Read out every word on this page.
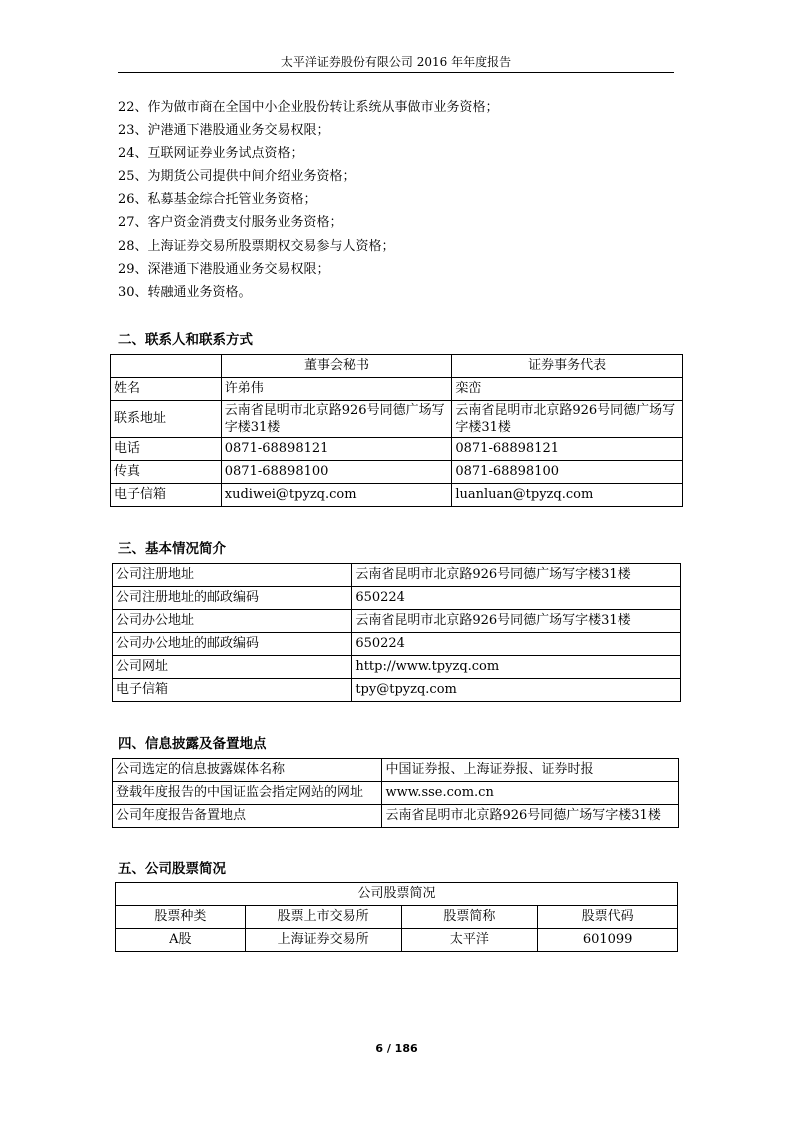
太平洋证券股份有限公司 2016 年年度报告
22、作为做市商在全国中小企业股份转让系统从事做市业务资格；
23、沪港通下港股通业务交易权限；
24、互联网证券业务试点资格；
25、为期货公司提供中间介绍业务资格；
26、私募基金综合托管业务资格；
27、客户资金消费支付服务业务资格；
28、上海证券交易所股票期权交易参与人资格；
29、深港通下港股通业务交易权限；
30、转融通业务资格。
二、联系人和联系方式
	董事会秘书	证券事务代表
姓名	许弟伟	栾峦
联系地址	云南省昆明市北京路926号同德广场写字楼31楼	云南省昆明市北京路926号同德广场写字楼31楼
电话	0871-68898121	0871-68898121
传真	0871-68898100	0871-68898100
电子信箱	xudiwei@tpyzq.com	luanluan@tpyzq.com
三、基本情况简介
公司注册地址	云南省昆明市北京路926号同德广场写字楼31楼
公司注册地址的邮政编码	650224
公司办公地址	云南省昆明市北京路926号同德广场写字楼31楼
公司办公地址的邮政编码	650224
公司网址	http://www.tpyzq.com
电子信箱	tpy@tpyzq.com
四、信息披露及备置地点
公司选定的信息披露媒体名称	中国证券报、上海证券报、证券时报
登载年度报告的中国证监会指定网站的网址	www.sse.com.cn
公司年度报告备置地点	云南省昆明市北京路926号同德广场写字楼31楼
五、公司股票简况
公司股票简况			
股票种类	股票上市交易所	股票简称	股票代码
A股	上海证券交易所	太平洋	601099
6 / 186
